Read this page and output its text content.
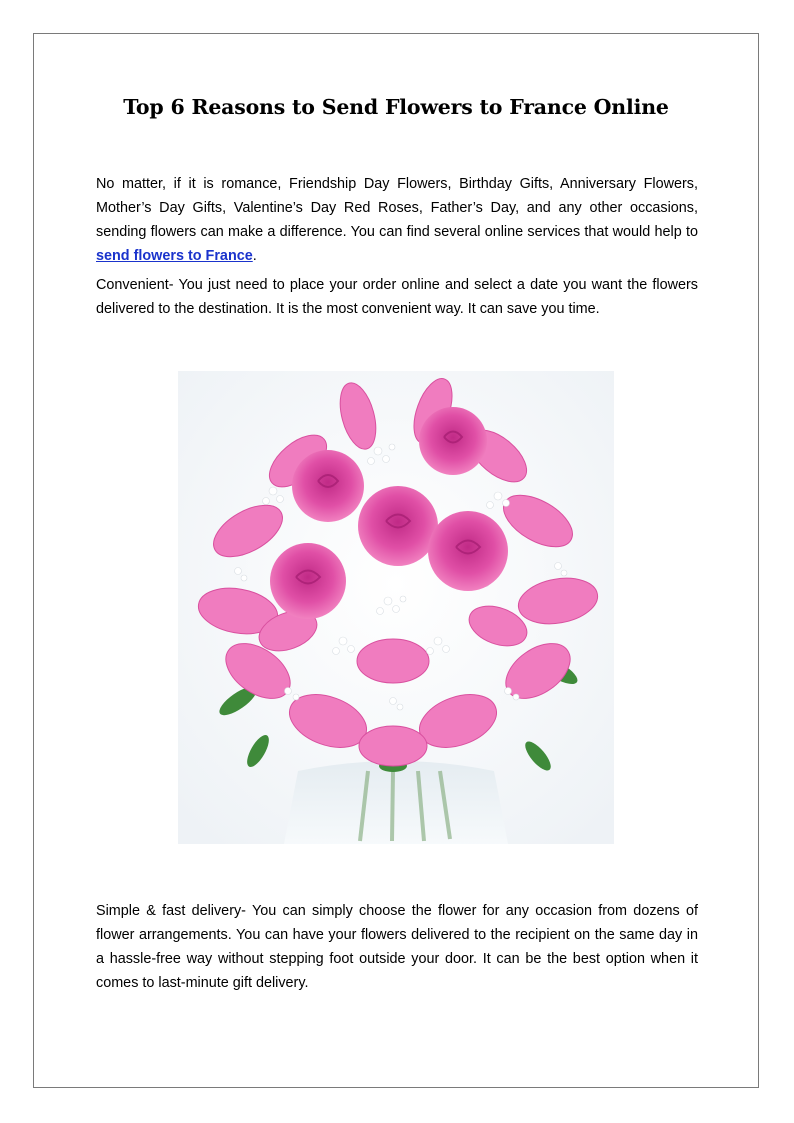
Top 6 Reasons to Send Flowers to France Online

No matter, if it is romance, Friendship Day Flowers, Birthday Gifts, Anniversary Flowers, Mother’s Day Gifts, Valentine’s Day Red Roses, Father’s Day, and any other occasions, sending flowers can make a difference. You can find several online services that would help to send flowers to France.

Convenient- You just need to place your order online and select a date you want the flowers delivered to the destination. It is the most convenient way. It can save you time.

Simple & fast delivery- You can simply choose the flower for any occasion from dozens of flower arrangements. You can have your flowers delivered to the recipient on the same day in a hassle-free way without stepping foot outside your door. It can be the best option when it comes to last-minute gift delivery.
